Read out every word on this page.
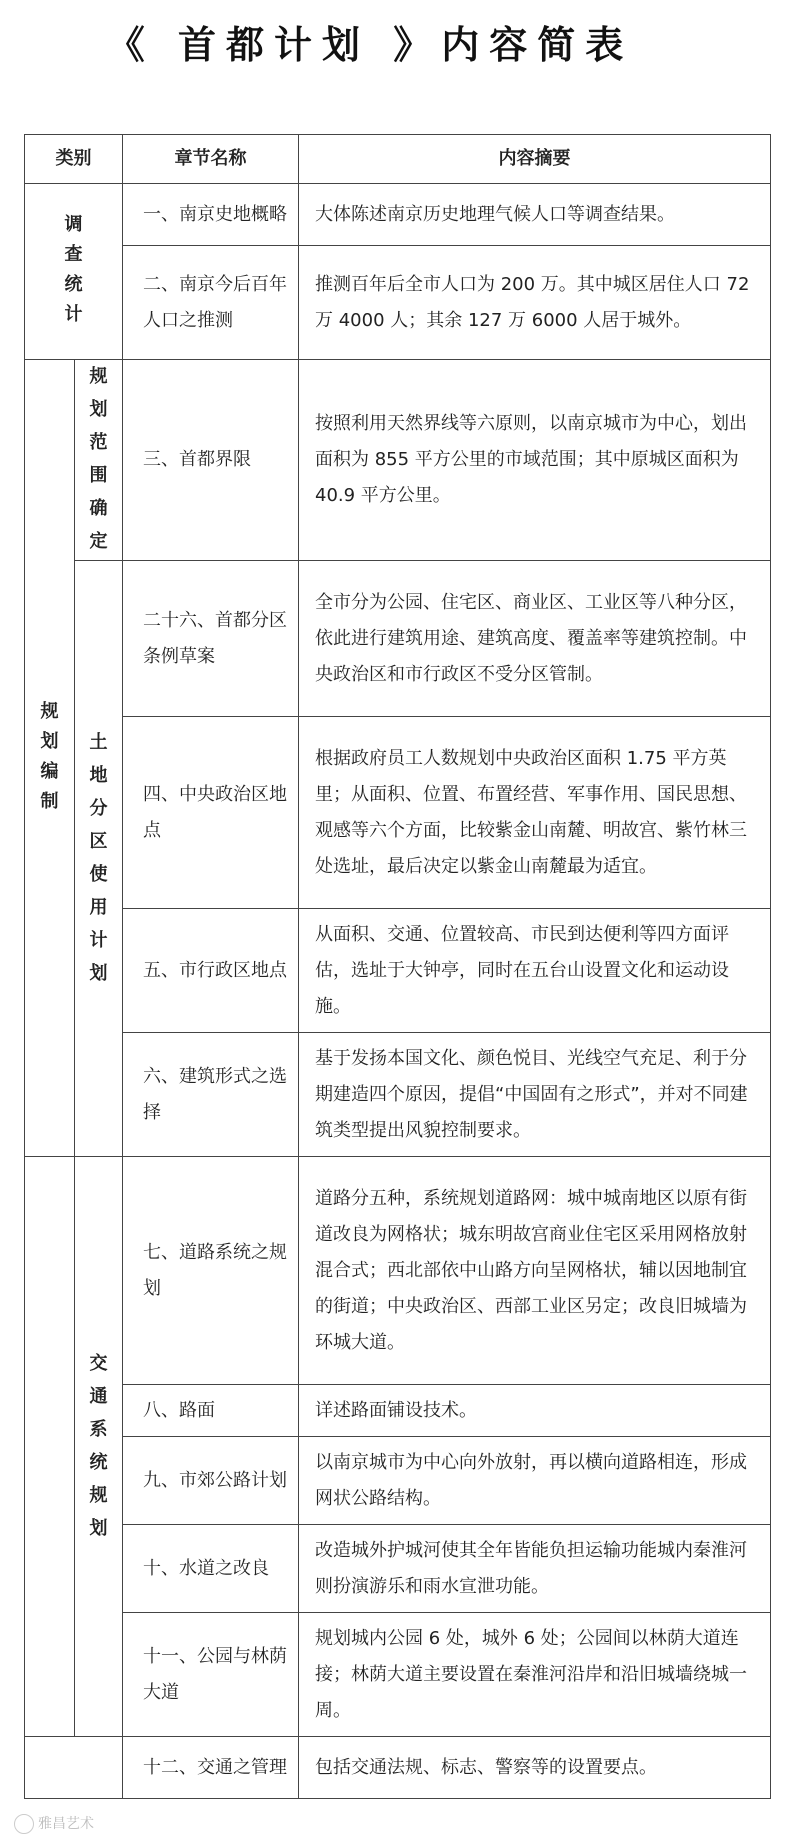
《 首都计划 》内容简表
类别		章节名称	内容摘要
调查统计		一、南京史地概略	大体陈述南京历史地理气候人口等调查结果。
		二、南京今后百年人口之推测	推测百年后全市人口为 200 万。其中城区居住人口 72 万 4000 人；其余 127 万 6000 人居于城外。
规划编制	规划范围确定	三、首都界限	按照利用天然界线等六原则，以南京城市为中心，划出面积为 855 平方公里的市域范围；其中原城区面积为 40.9 平方公里。
	土地分区使用计划	二十六、首都分区条例草案	全市分为公园、住宅区、商业区、工业区等八种分区，依此进行建筑用途、建筑高度、覆盖率等建筑控制。中央政治区和市行政区不受分区管制。
		四、中央政治区地点	根据政府员工人数规划中央政治区面积 1.75 平方英里；从面积、位置、布置经营、军事作用、国民思想、观感等六个方面，比较紫金山南麓、明故宫、紫竹林三处选址，最后决定以紫金山南麓最为适宜。
		五、市行政区地点	从面积、交通、位置较高、市民到达便利等四方面评估，选址于大钟亭，同时在五台山设置文化和运动设施。
		六、建筑形式之选择	基于发扬本国文化、颜色悦目、光线空气充足、利于分期建造四个原因，提倡“中国固有之形式”，并对不同建筑类型提出风貌控制要求。
	交通系统规划	七、道路系统之规划	道路分五种，系统规划道路网：城中城南地区以原有街道改良为网格状；城东明故宫商业住宅区采用网格放射混合式；西北部依中山路方向呈网格状，辅以因地制宜的街道；中央政治区、西部工业区另定；改良旧城墙为环城大道。
		八、路面	详述路面铺设技术。
		九、市郊公路计划	以南京城市为中心向外放射，再以横向道路相连，形成网状公路结构。
		十、水道之改良	改造城外护城河使其全年皆能负担运输功能城内秦淮河则扮演游乐和雨水宣泄功能。
		十一、公园与林荫大道	规划城内公园 6 处，城外 6 处；公园间以林荫大道连接；林荫大道主要设置在秦淮河沿岸和沿旧城墙绕城一周。
		十二、交通之管理	包括交通法规、标志、警察等的设置要点。
雅昌艺术
